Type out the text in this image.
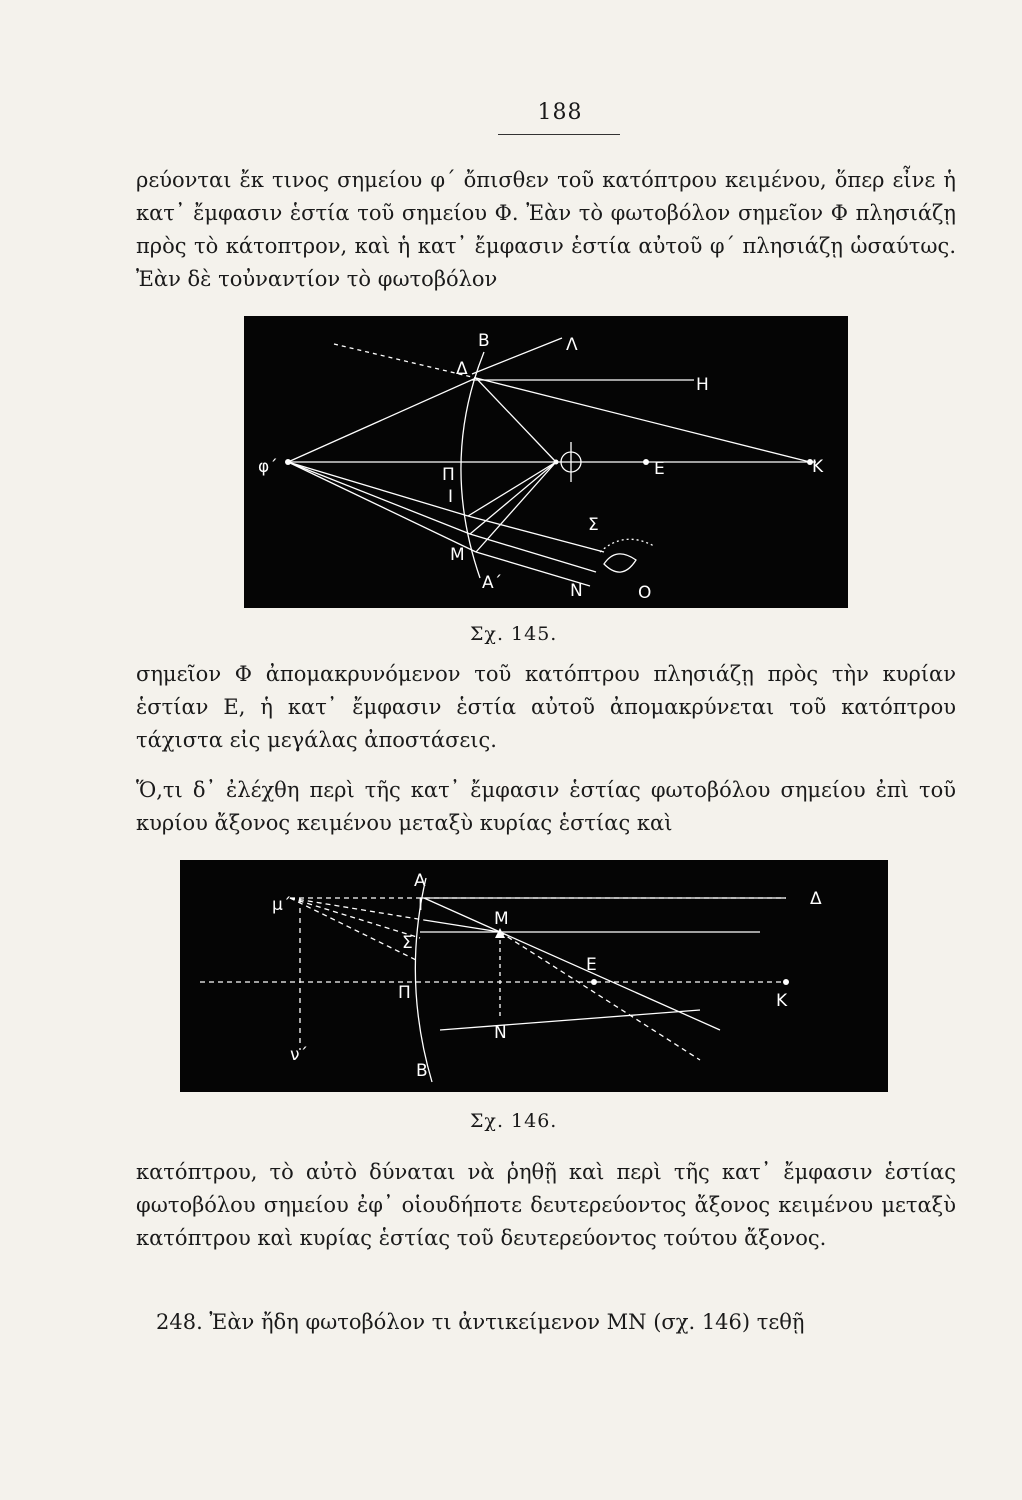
188

ρεύονται ἔκ τινος σημείου φ΄ ὄπισθεν τοῦ κατόπτρου κειμένου, ὅπερ εἶνε ἡ κατ᾿ ἔμφασιν ἑστία τοῦ σημείου Φ. Ἐὰν τὸ φωτοβόλον σημεῖον Φ πλησιάζῃ πρὸς τὸ κάτοπτρον, καὶ ἡ κατ᾿ ἔμφασιν ἑστία αὐτοῦ φ΄ πλησιάζῃ ὡσαύτως. Ἐὰν δὲ τοὐναντίον τὸ φωτοβόλον

B	Λ
Δ
H
φ΄	Π	E	K
I
Σ
M
Α΄	N	O
Σχ. 145.

σημεῖον Φ ἀπομακρυνόμενον τοῦ κατόπτρου πλησιάζῃ πρὸς τὴν κυρίαν ἑστίαν Ε, ἡ κατ᾿ ἔμφασιν ἑστία αὐτοῦ ἀπομακρύνεται τοῦ κατόπτρου τάχιστα εἰς μεγάλας ἀποστάσεις.

Ὅ,τι δ᾿ ἐλέχθη περὶ τῆς κατ᾿ ἔμφασιν ἑστίας φωτοβόλου σημείου ἐπὶ τοῦ κυρίου ἄξονος κειμένου μεταξὺ κυρίας ἑστίας καὶ

μ΄
A
I	Δ
M
Σ
E
Π	K
N
ν΄
B
Σχ. 146.

κατόπτρου, τὸ αὐτὸ δύναται νὰ ῥηθῇ καὶ περὶ τῆς κατ᾿ ἔμφασιν ἑστίας φωτοβόλου σημείου ἐφ᾿ οἱουδήποτε δευτερεύοντος ἄξονος κειμένου μεταξὺ κατόπτρου καὶ κυρίας ἑστίας τοῦ δευτερεύοντος τούτου ἄξονος.

248. Ἐὰν ἤδη φωτοβόλον τι ἀντικείμενον ΜΝ (σχ. 146) τεθῇ
